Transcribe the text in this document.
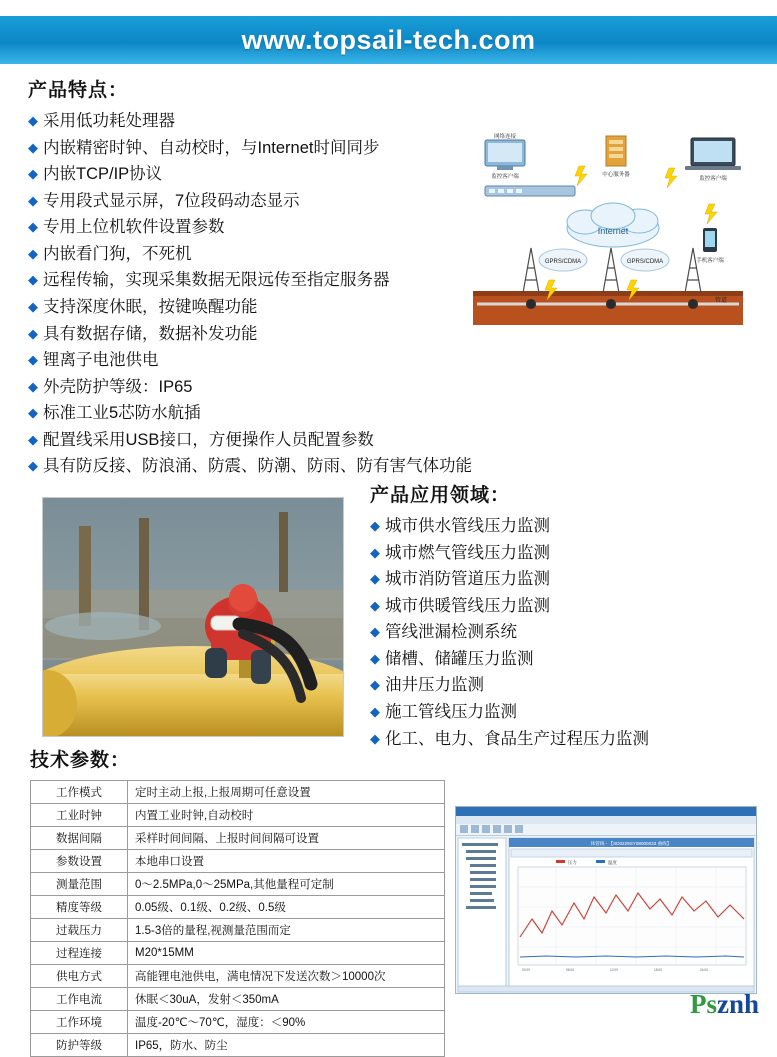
www.topsail-tech.com
产品特点：
◆ 采用低功耗处理器
◆ 内嵌精密时钟、自动校时，与Internet时间同步
◆ 内嵌TCP/IP协议
◆ 专用段式显示屏，7位段码动态显示
◆ 专用上位机软件设置参数
◆ 内嵌看门狗，不死机
◆ 远程传输，实现采集数据无限远传至指定服务器
◆ 支持深度休眠，按键唤醒功能
◆ 具有数据存储，数据补发功能
◆ 锂离子电池供电
◆ 外壳防护等级：IP65
◆ 标准工业5芯防水航插
◆ 配置线采用USB接口，方便操作人员配置参数
◆ 具有防反接、防浪涌、防震、防潮、防雨、防有害气体功能
管道
Internet
中心服务器
网络连接
监控客户端	监控客户端
手机客户端
GPRS/CDMA	GPRS/CDMA
产品应用领域：
◆ 城市供水管线压力监测
◆ 城市燃气管线压力监测
◆ 城市消防管道压力监测
◆ 城市供暖管线压力监测
◆ 管线泄漏检测系统
◆ 储槽、储罐压力监测
◆ 油井压力监测
◆ 施工管线压力监测
◆ 化工、电力、食品生产过程压力监测
技术参数：
工作模式	定时主动上报,上报周期可任意设置
工业时钟	内置工业时钟,自动校时
数据间隔	采样时间间隔、上报时间间隔可设置
参数设置	本地串口设置
测量范围	0～2.5MPa,0～25MPa,其他量程可定制
精度等级	0.05级、0.1级、0.2级、0.5级
过载压力	1.5-3倍的量程,视测量范围而定
过程连接	M20*15MM
供电方式	高能锂电池供电，满电情况下发送次数＞10000次
工作电流	休眠＜30uA，发射＜350mA
工作环境	温度-20℃～70℃，湿度：＜90%
防护等级	IP65，防水、防尘
体管线 - 【SD0229SY08000033 曲线】
压力	温度
00:00	06:00	12:00	18:00	24:00
Psznh
